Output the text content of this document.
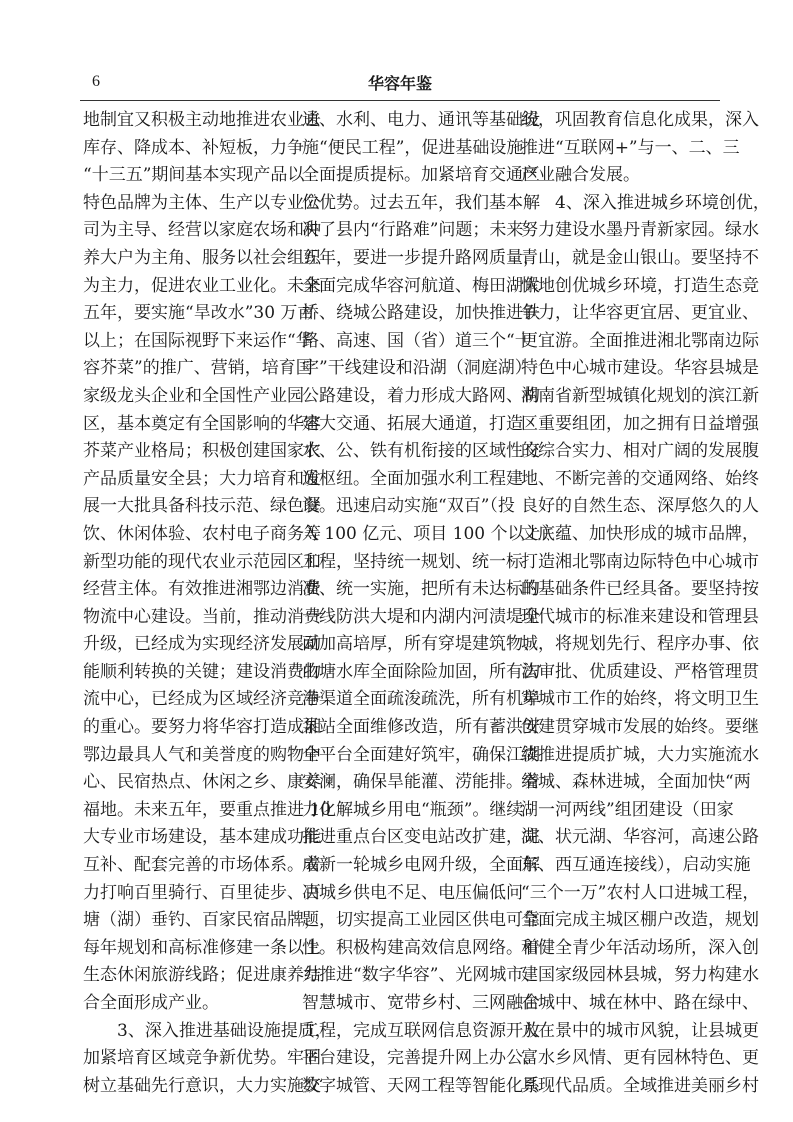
6	华容年鉴
地制宜又积极主动地推进农业去
库存、降成本、补短板，力争
“十三五”期间基本实现产品以
特色品牌为主体、生产以专业公
司为主导、经营以家庭农场和种
养大户为主角、服务以社会组织
为主力，促进农业工业化。未来
五年，要实施“旱改水”30 万亩
以上；在国际视野下来运作“华
容芥菜”的推广、营销，培育国
家级龙头企业和全国性产业园
区，基本奠定有全国影响的华容
芥菜产业格局；积极创建国家农
产品质量安全县；大力培育和发
展一大批具备科技示范、绿色餐
饮、休闲体验、农村电子商务等
新型功能的现代农业示范园区和
经营主体。有效推进湘鄂边消费
物流中心建设。当前，推动消费
升级，已经成为实现经济发展动
能顺利转换的关键；建设消费物
流中心，已经成为区域经济竞争
的重心。要努力将华容打造成湘
鄂边最具人气和美誉度的购物中
心、民宿热点、休闲之乡、康养
福地。未来五年，要重点推进 10
大专业市场建设，基本建成功能
互补、配套完善的市场体系。着
力打响百里骑行、百里徒步、百
塘（湖）垂钓、百家民宿品牌，
每年规划和高标准修建一条以上
生态休闲旅游线路；促进康养结
合全面形成产业。
　　3、深入推进基础设施提质，
加紧培育区域竞争新优势。牢固
树立基础先行意识，大力实施交
通、水利、电力、通讯等基础设
施“便民工程”，促进基础设施
全面提质提标。加紧培育交通区
位优势。过去五年，我们基本解
决了县内“行路难”问题；未来
五年，要进一步提升路网质量，
全面完成华容河航道、梅田湖大
桥、绕城公路建设，加快推进铁
路、高速、国（省）道三个“十
字”干线建设和沿湖（洞庭湖）
公路建设，着力形成大路网、构
建大交通、拓展大通道，打造
水、公、铁有机衔接的区域性交
通枢纽。全面加强水利工程建
设。迅速启动实施“双百”（投
入 100 亿元、项目 100 个以上）
工程，坚持统一规划、统一标
准、统一实施，把所有未达标的
一线防洪大堤和内湖内河渍堤全
面加高培厚，所有穿堤建筑物、
山塘水库全面除险加固，所有沟
港渠道全面疏浚疏洗，所有机埠
泵站全面维修改造，所有蓄洪安
全平台全面建好筑牢，确保江湖
安澜，确保旱能灌、涝能排。着
力化解城乡用电“瓶颈”。继续
推进重点台区变电站改扩建，完
成新一轮城乡电网升级，全面解
决城乡供电不足、电压偏低问
题，切实提高工业园区供电可靠
性。积极构建高效信息网络。着
力推进“数字华容”、光网城市、
智慧城市、宽带乡村、三网融合
工程，完成互联网信息资源开放
平台建设，完善提升网上办公、
数字城管、天网工程等智能化系
统，巩固教育信息化成果，深入
推进“互联网+”与一、二、三
产业融合发展。
　　4、深入推进城乡环境创优，
努力建设水墨丹青新家园。绿水
青山，就是金山银山。要坚持不
懈地创优城乡环境，打造生态竞
争力，让华容更宜居、更宜业、
更宜游。全面推进湘北鄂南边际
特色中心城市建设。华容县城是
湖南省新型城镇化规划的滨江新
区重要组团，加之拥有日益增强
的综合实力、相对广阔的发展腹
地、不断完善的交通网络、始终
良好的自然生态、深厚悠久的人
文底蕴、加快形成的城市品牌，
打造湘北鄂南边际特色中心城市
的基础条件已经具备。要坚持按
现代城市的标准来建设和管理县
城，将规划先行、程序办事、依
法审批、优质建设、严格管理贯
穿城市工作的始终，将文明卫生
创建贯穿城市发展的始终。要继
续推进提质扩城，大力实施流水
绕城、森林进城，全面加快“两
湖一河两线”组团建设（田家
湖、状元湖、华容河，高速公路
东、西互通连接线），启动实施
“三个一万”农村人口进城工程，
全面完成主城区棚户改造，规划
和健全青少年活动场所，深入创
建国家级园林县城，努力构建水
在城中、城在林中、路在绿中、
人在景中的城市风貌，让县城更
富水乡风情、更有园林特色、更
具现代品质。全域推进美丽乡村
